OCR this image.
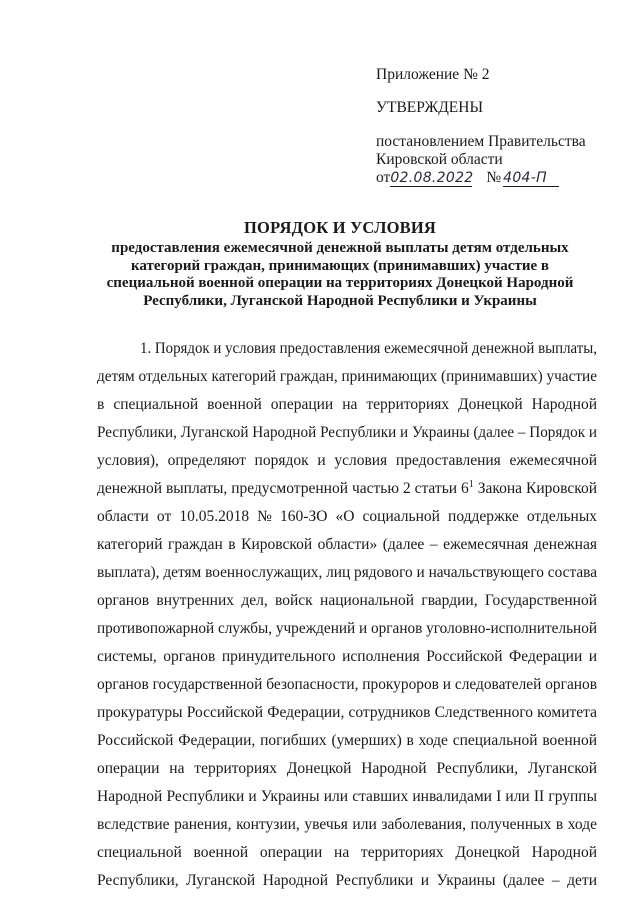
Приложение № 2
УТВЕРЖДЕНЫ
постановлением Правительства
Кировской области
от02.08.2022 № 404-П
ПОРЯДОК И УСЛОВИЯ
предоставления ежемесячной денежной выплаты детям отдельных
категорий граждан, принимающих (принимавших) участие в
специальной военной операции на территориях Донецкой Народной
Республики, Луганской Народной Республики и Украины
1. Порядок и условия предоставления ежемесячной денежной выплаты,
детям отдельных категорий граждан, принимающих (принимавших) участие
в специальной военной операции на территориях Донецкой Народной
Республики, Луганской Народной Республики и Украины (далее – Порядок и
условия), определяют порядок и условия предоставления ежемесячной
денежной выплаты, предусмотренной частью 2 статьи $6^1$ Закона Кировской
области от 10.05.2018 № 160-ЗО «О социальной поддержке отдельных
категорий граждан в Кировской области» (далее – ежемесячная денежная
выплата), детям военнослужащих, лиц рядового и начальствующего состава
органов внутренних дел, войск национальной гвардии, Государственной
противопожарной службы, учреждений и органов уголовно-исполнительной
системы, органов принудительного исполнения Российской Федерации и
органов государственной безопасности, прокуроров и следователей органов
прокуратуры Российской Федерации, сотрудников Следственного комитета
Российской Федерации, погибших (умерших) в ходе специальной военной
операции на территориях Донецкой Народной Республики, Луганской
Народной Республики и Украины или ставших инвалидами I или II группы
вследствие ранения, контузии, увечья или заболевания, полученных в ходе
специальной военной операции на территориях Донецкой Народной
Республики, Луганской Народной Республики и Украины (далее – дети
